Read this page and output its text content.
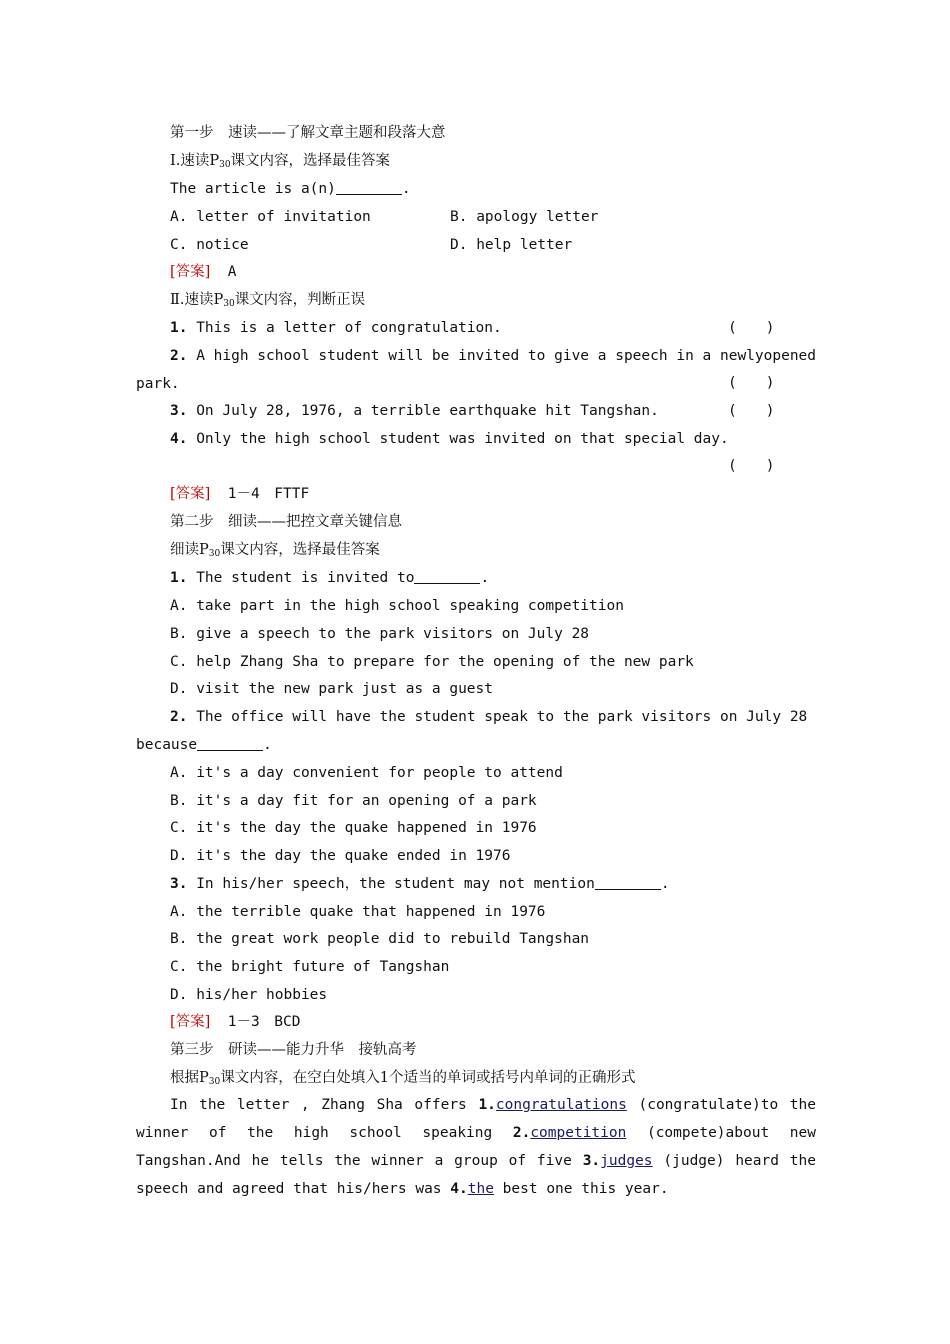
第一步　速读——了解文章主题和段落大意
Ⅰ.速读$P_{30}$课文内容，选择最佳答案
The article is a(n)	.
A. letter of invitation	B. apology letter
C. notice	D. help letter
[答案] A
Ⅱ.速读$P_{30}$课文内容，判断正误
1. This is a letter of congratulation.	(　　)
2. A high school student will be invited to give a speech in a newlyopened
park.	(　　)
3. On July 28, 1976, a terrible earthquake hit Tangshan.	(　　)
4. Only the high school student was invited on that special day.
(　　)
[答案] 1－4　FTTF
第二步　细读——把控文章关键信息
细读$P_{30}$课文内容，选择最佳答案
1. The student is invited to	.
A. take part in the high school speaking competition
B. give a speech to the park visitors on July 28
C. help Zhang Sha to prepare for the opening of the new park
D. visit the new park just as a guest
2. The office will have the student speak to the park visitors on July 28
because	.
A. it's a day convenient for people to attend
B. it's a day fit for an opening of a park
C. it's the day the quake happened in 1976
D. it's the day the quake ended in 1976
3. In his/her speech，the student may not mention	.
A. the terrible quake that happened in 1976
B. the great work people did to rebuild Tangshan
C. the bright future of Tangshan
D. his/her hobbies
[答案] 1－3　BCD
第三步　研读——能力升华　接轨高考
根据$P_{30}$课文内容，在空白处填入1个适当的单词或括号内单词的正确形式
In the letter , Zhang Sha offers 1.congratulations (congratulate)to the winner of the high school speaking 2.competition (compete)about new Tangshan.And he tells the winner a group of five 3.judges (judge) heard the speech and agreed that his/hers was 4.the best one this year.
